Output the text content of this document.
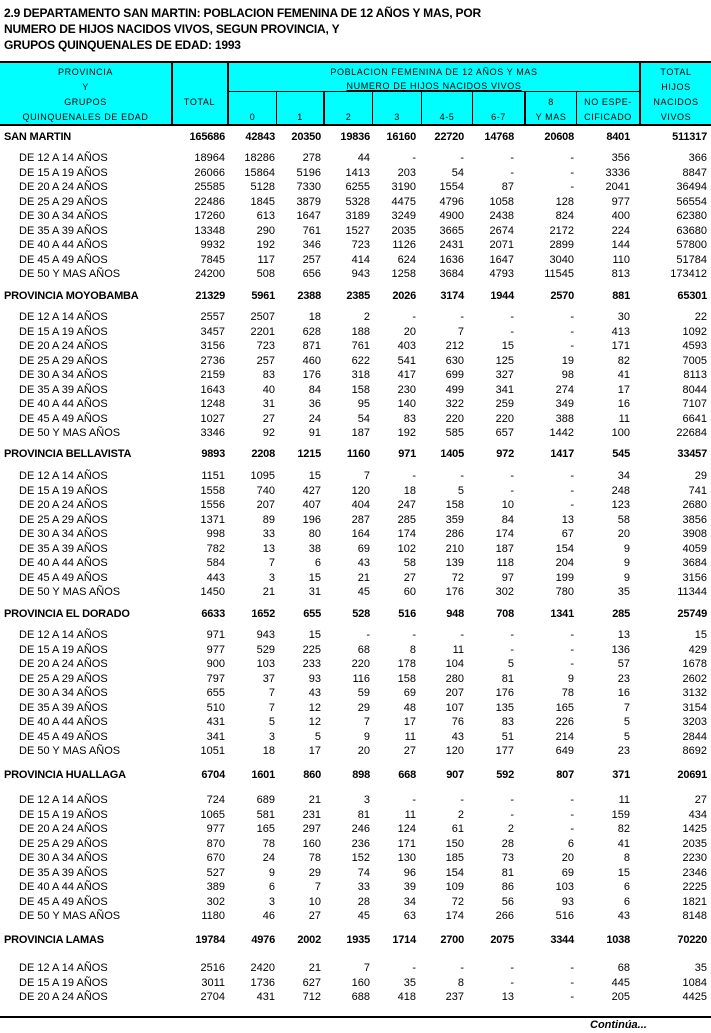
2.9 DEPARTAMENTO SAN MARTIN: POBLACION FEMENINA DE 12 AÑOS Y MAS, POR
NUMERO DE HIJOS NACIDOS VIVOS, SEGUN PROVINCIA, Y
GRUPOS QUINQUENALES DE EDAD: 1993
PROVINCIA
Y
GRUPOS
QUINQUENALES DE EDAD
TOTAL
POBLACION FEMENINA DE 12 AÑOS Y MAS
NUMERO DE HIJOS NACIDOS VIVOS
0	1	2	3	4-5	6-7
8
Y MAS
NO ESPE-
CIFICADO
TOTAL
HIJOS
NACIDOS
VIVOS
SAN MARTIN	165686 42843 20350 19836 16160 22720 14768	20608	8401	511317
DE 12 A 14 AÑOS	18964 18286	278	44	-	-	-	-	356	366
DE 15 A 19 AÑOS	26066 15864 5196 1413	203	54	-	-	3336	8847
DE 20 A 24 AÑOS	25585 5128 7330 6255 3190 1554	87	-	2041	36494
DE 25 A 29 AÑOS	22486 1845 3879 5328 4475 4796 1058	128	977	56554
DE 30 A 34 AÑOS	17260	613 1647 3189 3249 4900 2438	824	400	62380
DE 35 A 39 AÑOS	13348	290	761 1527 2035 3665 2674	2172	224	63680
DE 40 A 44 AÑOS	9932	192	346	723 1126 2431 2071	2899	144	57800
DE 45 A 49 AÑOS	7845	117	257	414	624 1636 1647	3040	110	51784
DE 50 Y MAS AÑOS	24200	508	656	943 1258 3684 4793	11545	813	173412
PROVINCIA MOYOBAMBA	21329 5961 2388 2385 2026 3174 1944	2570	881	65301
DE 12 A 14 AÑOS	2557 2507	18	2	-	-	-	-	30	22
DE 15 A 19 AÑOS	3457 2201	628	188	20	7	-	-	413	1092
DE 20 A 24 AÑOS	3156	723	871	761	403	212	15	-	171	4593
DE 25 A 29 AÑOS	2736	257	460	622	541	630	125	19	82	7005
DE 30 A 34 AÑOS	2159	83	176	318	417	699	327	98	41	8113
DE 35 A 39 AÑOS	1643	40	84	158	230	499	341	274	17	8044
DE 40 A 44 AÑOS	1248	31	36	95	140	322	259	349	16	7107
DE 45 A 49 AÑOS	1027	27	24	54	83	220	220	388	11	6641
DE 50 Y MAS AÑOS	3346	92	91	187	192	585	657	1442	100	22684
PROVINCIA BELLAVISTA	9893 2208 1215 1160	971 1405	972	1417	545	33457
DE 12 A 14 AÑOS	1151 1095	15	7	-	-	-	-	34	29
DE 15 A 19 AÑOS	1558	740	427	120	18	5	-	-	248	741
DE 20 A 24 AÑOS	1556	207	407	404	247	158	10	-	123	2680
DE 25 A 29 AÑOS	1371	89	196	287	285	359	84	13	58	3856
DE 30 A 34 AÑOS	998	33	80	164	174	286	174	67	20	3908
DE 35 A 39 AÑOS	782	13	38	69	102	210	187	154	9	4059
DE 40 A 44 AÑOS	584	7	6	43	58	139	118	204	9	3684
DE 45 A 49 AÑOS	443	3	15	21	27	72	97	199	9	3156
DE 50 Y MAS AÑOS	1450	21	31	45	60	176	302	780	35	11344
PROVINCIA EL DORADO	6633 1652	655	528	516	948	708	1341	285	25749
DE 12 A 14 AÑOS	971	943	15	-	-	-	-	-	13	15
DE 15 A 19 AÑOS	977	529	225	68	8	11	-	-	136	429
DE 20 A 24 AÑOS	900	103	233	220	178	104	5	-	57	1678
DE 25 A 29 AÑOS	797	37	93	116	158	280	81	9	23	2602
DE 30 A 34 AÑOS	655	7	43	59	69	207	176	78	16	3132
DE 35 A 39 AÑOS	510	7	12	29	48	107	135	165	7	3154
DE 40 A 44 AÑOS	431	5	12	7	17	76	83	226	5	3203
DE 45 A 49 AÑOS	341	3	5	9	11	43	51	214	5	2844
DE 50 Y MAS AÑOS	1051	18	17	20	27	120	177	649	23	8692
PROVINCIA HUALLAGA	6704 1601	860	898	668	907	592	807	371	20691
DE 12 A 14 AÑOS	724	689	21	3	-	-	-	-	11	27
DE 15 A 19 AÑOS	1065	581	231	81	11	2	-	-	159	434
DE 20 A 24 AÑOS	977	165	297	246	124	61	2	-	82	1425
DE 25 A 29 AÑOS	870	78	160	236	171	150	28	6	41	2035
DE 30 A 34 AÑOS	670	24	78	152	130	185	73	20	8	2230
DE 35 A 39 AÑOS	527	9	29	74	96	154	81	69	15	2346
DE 40 A 44 AÑOS	389	6	7	33	39	109	86	103	6	2225
DE 45 A 49 AÑOS	302	3	10	28	34	72	56	93	6	1821
DE 50 Y MAS AÑOS	1180	46	27	45	63	174	266	516	43	8148
PROVINCIA LAMAS	19784 4976 2002 1935 1714 2700 2075	3344	1038	70220
DE 12 A 14 AÑOS	2516 2420	21	7	-	-	-	-	68	35
DE 15 A 19 AÑOS	3011 1736	627	160	35	8	-	-	445	1084
DE 20 A 24 AÑOS	2704	431	712	688	418	237	13	-	205	4425
Continúa...
